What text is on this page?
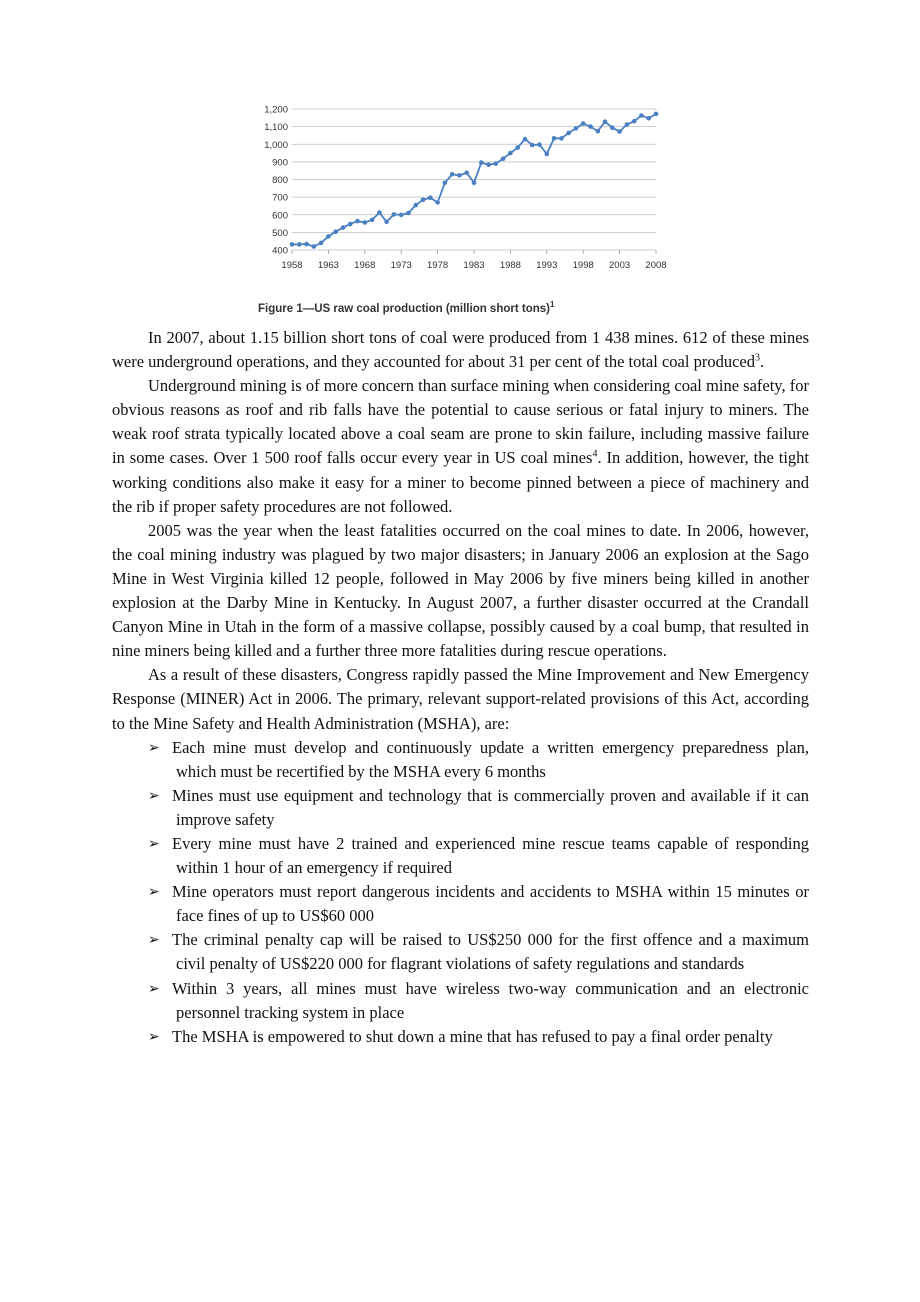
400
500
600
700
800
900
1,000
1,100
1,200
1958 1963 1968 1973 1978 1983 1988 1993 1998 2003 2008
Figure 1—US raw coal production (million short tons)$^1$

In 2007, about 1.15 billion short tons of coal were produced from 1 438 mines. 612 of these mines were underground operations, and they accounted for about 31 per cent of the total coal produced$^3$.

Underground mining is of more concern than surface mining when considering coal mine safety, for obvious reasons as roof and rib falls have the potential to cause serious or fatal injury to miners. The weak roof strata typically located above a coal seam are prone to skin failure, including massive failure in some cases. Over 1 500 roof falls occur every year in US coal mines$^4$. In addition, however, the tight working conditions also make it easy for a miner to become pinned between a piece of machinery and the rib if proper safety procedures are not followed.

2005 was the year when the least fatalities occurred on the coal mines to date. In 2006, however, the coal mining industry was plagued by two major disasters; in January 2006 an explosion at the Sago Mine in West Virginia killed 12 people, followed in May 2006 by five miners being killed in another explosion at the Darby Mine in Kentucky. In August 2007, a further disaster occurred at the Crandall Canyon Mine in Utah in the form of a massive collapse, possibly caused by a coal bump, that resulted in nine miners being killed and a further three more fatalities during rescue operations.

As a result of these disasters, Congress rapidly passed the Mine Improvement and New Emergency Response (MINER) Act in 2006. The primary, relevant support-related provisions of this Act, according to the Mine Safety and Health Administration (MSHA), are:

➢ Each mine must develop and continuously update a written emergency preparedness plan, which must be recertified by the MSHA every 6 months
➢ Mines must use equipment and technology that is commercially proven and available if it can improve safety
➢ Every mine must have 2 trained and experienced mine rescue teams capable of responding within 1 hour of an emergency if required
➢ Mine operators must report dangerous incidents and accidents to MSHA within 15 minutes or face fines of up to US$60 000
➢ The criminal penalty cap will be raised to US$250 000 for the first offence and a maximum civil penalty of US$220 000 for flagrant violations of safety regulations and standards
➢ Within 3 years, all mines must have wireless two-way communication and an electronic personnel tracking system in place
➢ The MSHA is empowered to shut down a mine that has refused to pay a final order penalty
